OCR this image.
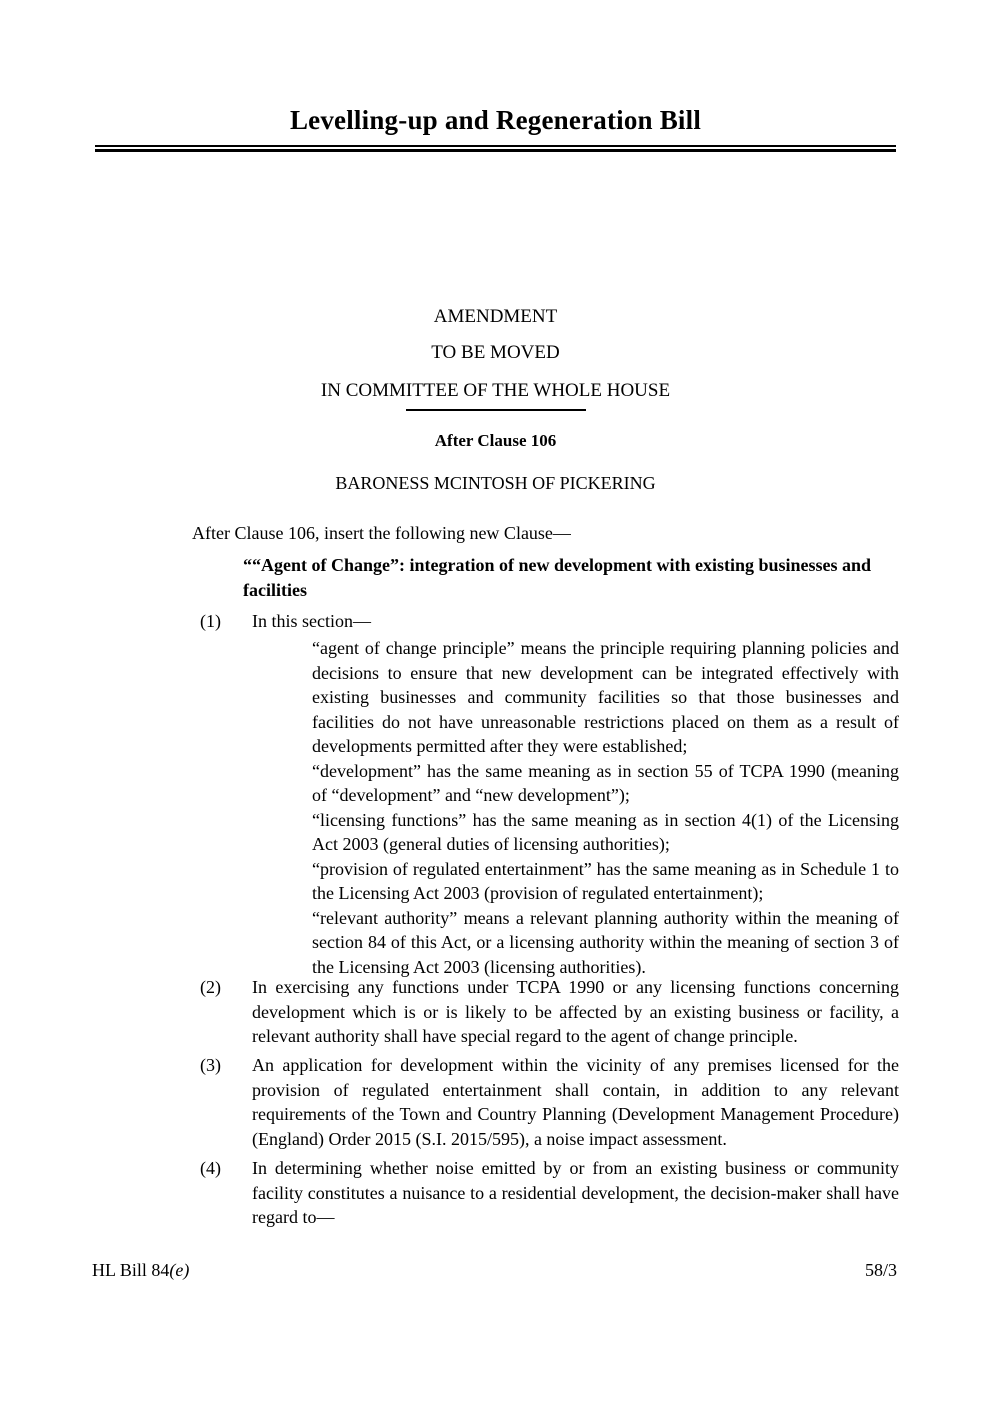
Levelling-up and Regeneration Bill
AMENDMENT
TO BE MOVED
IN COMMITTEE OF THE WHOLE HOUSE
After Clause 106
BARONESS MCINTOSH OF PICKERING
After Clause 106, insert the following new Clause—
““Agent of Change”: integration of new development with existing businesses and facilities
(1)	In this section—

“agent of change principle” means the principle requiring planning policies and decisions to ensure that new development can be integrated effectively with existing businesses and community facilities so that those businesses and facilities do not have unreasonable restrictions placed on them as a result of developments permitted after they were established;

“development” has the same meaning as in section 55 of TCPA 1990 (meaning of “development” and “new development”);

“licensing functions” has the same meaning as in section 4(1) of the Licensing Act 2003 (general duties of licensing authorities);

“provision of regulated entertainment” has the same meaning as in Schedule 1 to the Licensing Act 2003 (provision of regulated entertainment);

“relevant authority” means a relevant planning authority within the meaning of section 84 of this Act, or a licensing authority within the meaning of section 3 of the Licensing Act 2003 (licensing authorities).

(2)	In exercising any functions under TCPA 1990 or any licensing functions concerning development which is or is likely to be affected by an existing business or facility, a relevant authority shall have special regard to the agent of change principle.
(3)	An application for development within the vicinity of any premises licensed for the provision of regulated entertainment shall contain, in addition to any relevant requirements of the Town and Country Planning (Development Management Procedure) (England) Order 2015 (S.I. 2015/595), a noise impact assessment.
(4)	In determining whether noise emitted by or from an existing business or community facility constitutes a nuisance to a residential development, the decision-maker shall have regard to—
HL Bill 84(e)	58/3
